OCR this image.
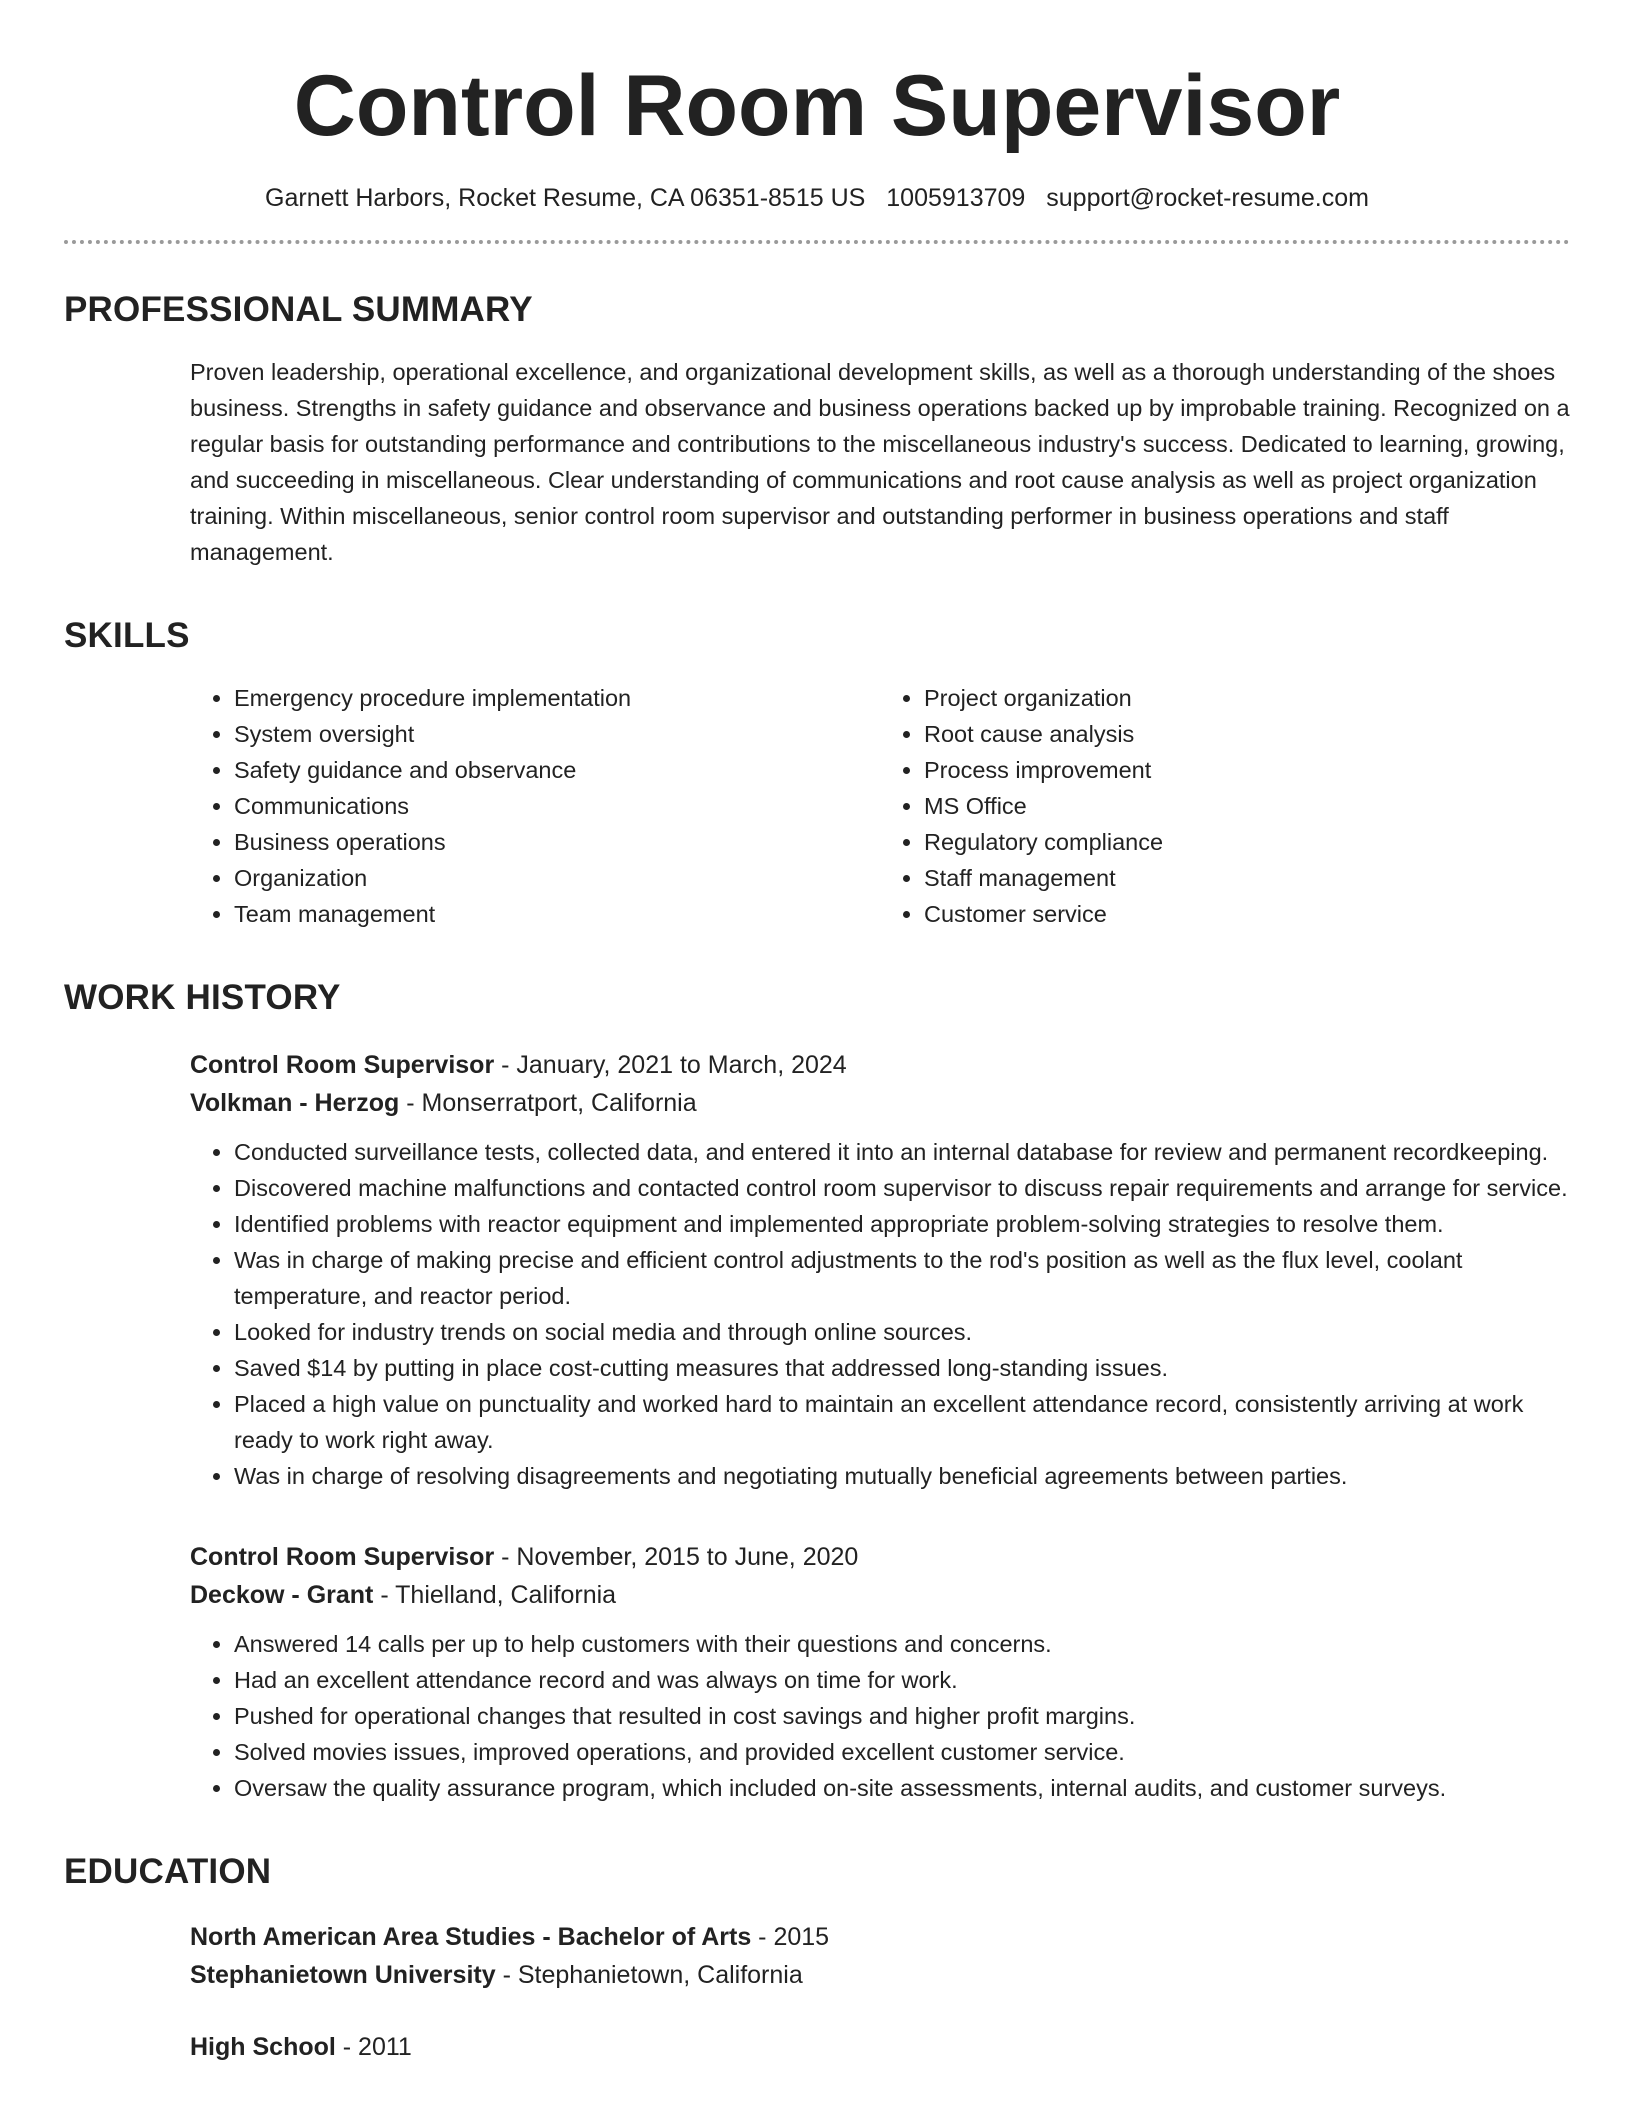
Control Room Supervisor
Garnett Harbors, Rocket Resume, CA 06351-8515 US 1005913709 support@rocket-resume.com
PROFESSIONAL SUMMARY
Proven leadership, operational excellence, and organizational development skills, as well as a thorough understanding of the shoes business. Strengths in safety guidance and observance and business operations backed up by improbable training. Recognized on a regular basis for outstanding performance and contributions to the miscellaneous industry's success. Dedicated to learning, growing, and succeeding in miscellaneous. Clear understanding of communications and root cause analysis as well as project organization training. Within miscellaneous, senior control room supervisor and outstanding performer in business operations and staff management.
SKILLS
• Emergency procedure implementation
• System oversight
• Safety guidance and observance
• Communications
• Business operations
• Organization
• Team management
• Project organization
• Root cause analysis
• Process improvement
• MS Office
• Regulatory compliance
• Staff management
• Customer service
WORK HISTORY
Control Room Supervisor - January, 2021 to March, 2024
Volkman - Herzog - Monserratport, California
• Conducted surveillance tests, collected data, and entered it into an internal database for review and permanent recordkeeping.
• Discovered machine malfunctions and contacted control room supervisor to discuss repair requirements and arrange for service.
• Identified problems with reactor equipment and implemented appropriate problem-solving strategies to resolve them.
• Was in charge of making precise and efficient control adjustments to the rod's position as well as the flux level, coolant temperature, and reactor period.
• Looked for industry trends on social media and through online sources.
• Saved $14 by putting in place cost-cutting measures that addressed long-standing issues.
• Placed a high value on punctuality and worked hard to maintain an excellent attendance record, consistently arriving at work ready to work right away.
• Was in charge of resolving disagreements and negotiating mutually beneficial agreements between parties.
Control Room Supervisor - November, 2015 to June, 2020
Deckow - Grant - Thielland, California
• Answered 14 calls per up to help customers with their questions and concerns.
• Had an excellent attendance record and was always on time for work.
• Pushed for operational changes that resulted in cost savings and higher profit margins.
• Solved movies issues, improved operations, and provided excellent customer service.
• Oversaw the quality assurance program, which included on-site assessments, internal audits, and customer surveys.
EDUCATION
North American Area Studies - Bachelor of Arts - 2015
Stephanietown University - Stephanietown, California
High School - 2011
